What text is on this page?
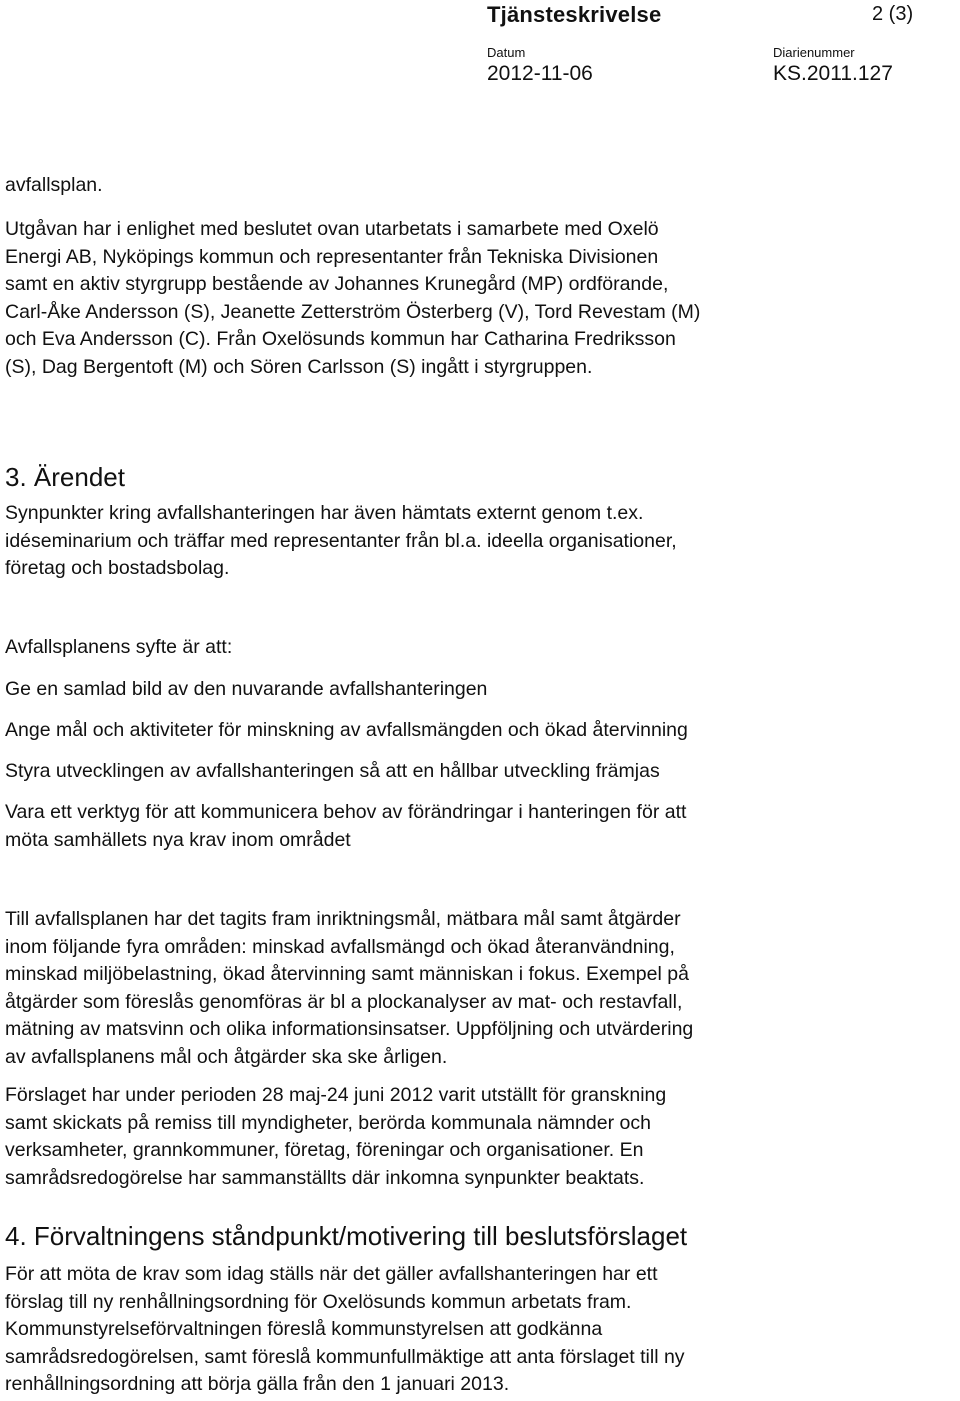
Tjänsteskrivelse	2 (3)
Datum
2012-11-06
Diarienummer
KS.2011.127

avfallsplan.

Utgåvan har i enlighet med beslutet ovan utarbetats i samarbete med Oxelö

Energi AB, Nyköpings kommun och representanter från Tekniska Divisionen

samt en aktiv styrgrupp bestående av Johannes Krunegård (MP) ordförande,

Carl-Åke Andersson (S), Jeanette Zetterström Österberg (V), Tord Revestam (M)

och Eva Andersson (C). Från Oxelösunds kommun har Catharina Fredriksson

(S), Dag Bergentoft (M) och Sören Carlsson (S) ingått i styrgruppen.

3. Ärendet

Synpunkter kring avfallshanteringen har även hämtats externt genom t.ex.

idéseminarium och träffar med representanter från bl.a. ideella organisationer,

företag och bostadsbolag.

Avfallsplanens syfte är att:

Ge en samlad bild av den nuvarande avfallshanteringen

Ange mål och aktiviteter för minskning av avfallsmängden och ökad återvinning

Styra utvecklingen av avfallshanteringen så att en hållbar utveckling främjas

Vara ett verktyg för att kommunicera behov av förändringar i hanteringen för att

möta samhällets nya krav inom området

Till avfallsplanen har det tagits fram inriktningsmål, mätbara mål samt åtgärder

inom följande fyra områden: minskad avfallsmängd och ökad återanvändning,

minskad miljöbelastning, ökad återvinning samt människan i fokus. Exempel på

åtgärder som föreslås genomföras är bl a plockanalyser av mat- och restavfall,

mätning av matsvinn och olika informationsinsatser. Uppföljning och utvärdering

av avfallsplanens mål och åtgärder ska ske årligen.

Förslaget har under perioden 28 maj-24 juni 2012 varit utställt för granskning

samt skickats på remiss till myndigheter, berörda kommunala nämnder och

verksamheter, grannkommuner, företag, föreningar och organisationer. En

samrådsredogörelse har sammanställts där inkomna synpunkter beaktats.

4. Förvaltningens ståndpunkt/motivering till beslutsförslaget

För att möta de krav som idag ställs när det gäller avfallshanteringen har ett

förslag till ny renhållningsordning för Oxelösunds kommun arbetats fram.

Kommunstyrelseförvaltningen föreslå kommunstyrelsen att godkänna

samrådsredogörelsen, samt föreslå kommunfullmäktige att anta förslaget till ny

renhållningsordning att börja gälla från den 1 januari 2013.
